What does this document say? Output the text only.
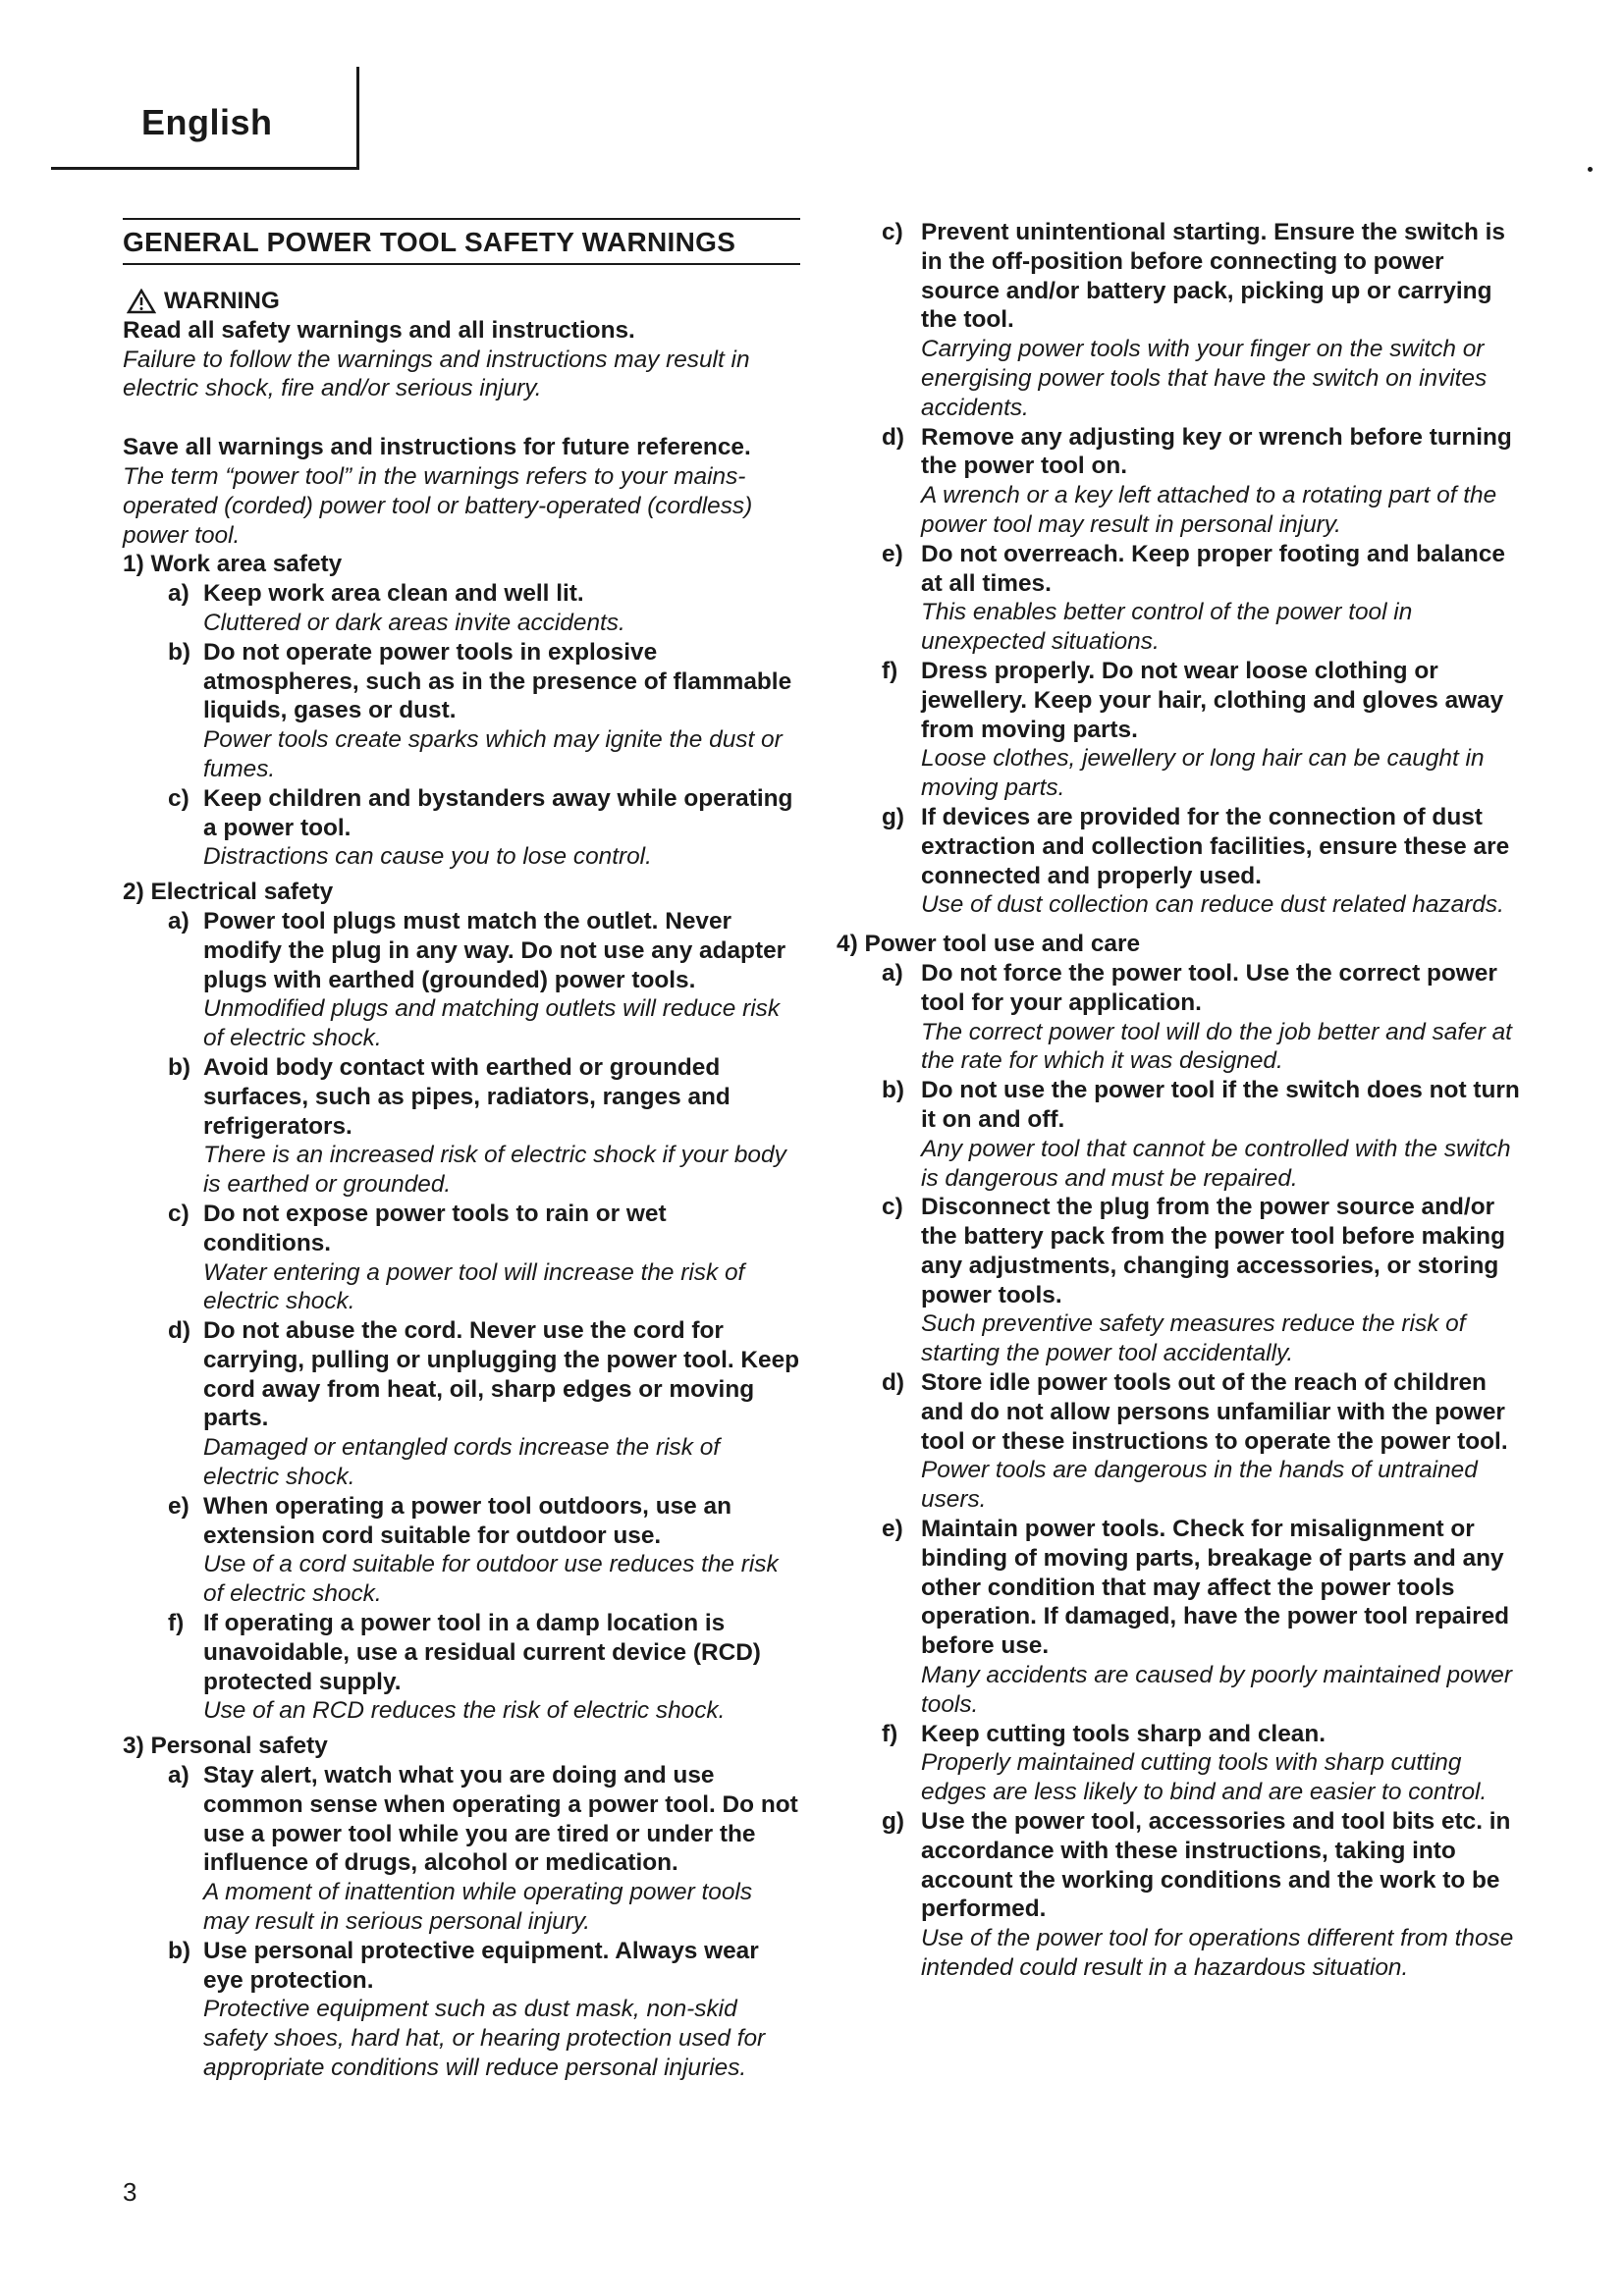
English
GENERAL POWER TOOL SAFETY WARNINGS
WARNING
Read all safety warnings and all instructions.
Failure to follow the warnings and instructions may result in electric shock, fire and/or serious injury.
Save all warnings and instructions for future reference.
The term “power tool” in the warnings refers to your mains-operated (corded) power tool or battery-operated (cordless) power tool.
1) Work area safety
a) Keep work area clean and well lit.
Cluttered or dark areas invite accidents.
b) Do not operate power tools in explosive atmospheres, such as in the presence of flammable liquids, gases or dust.
Power tools create sparks which may ignite the dust or fumes.
c) Keep children and bystanders away while operating a power tool.
Distractions can cause you to lose control.
2) Electrical safety
a) Power tool plugs must match the outlet. Never modify the plug in any way. Do not use any adapter plugs with earthed (grounded) power tools.
Unmodified plugs and matching outlets will reduce risk of electric shock.
b) Avoid body contact with earthed or grounded surfaces, such as pipes, radiators, ranges and refrigerators.
There is an increased risk of electric shock if your body is earthed or grounded.
c) Do not expose power tools to rain or wet conditions.
Water entering a power tool will increase the risk of electric shock.
d) Do not abuse the cord. Never use the cord for carrying, pulling or unplugging the power tool. Keep cord away from heat, oil, sharp edges or moving parts.
Damaged or entangled cords increase the risk of electric shock.
e) When operating a power tool outdoors, use an extension cord suitable for outdoor use.
Use of a cord suitable for outdoor use reduces the risk of electric shock.
f) If operating a power tool in a damp location is unavoidable, use a residual current device (RCD) protected supply.
Use of an RCD reduces the risk of electric shock.
3) Personal safety
a) Stay alert, watch what you are doing and use common sense when operating a power tool. Do not use a power tool while you are tired or under the influence of drugs, alcohol or medication.
A moment of inattention while operating power tools may result in serious personal injury.
b) Use personal protective equipment. Always wear eye protection.
Protective equipment such as dust mask, non-skid safety shoes, hard hat, or hearing protection used for appropriate conditions will reduce personal injuries.
c) Prevent unintentional starting. Ensure the switch is in the off-position before connecting to power source and/or battery pack, picking up or carrying the tool.
Carrying power tools with your finger on the switch or energising power tools that have the switch on invites accidents.
d) Remove any adjusting key or wrench before turning the power tool on.
A wrench or a key left attached to a rotating part of the power tool may result in personal injury.
e) Do not overreach. Keep proper footing and balance at all times.
This enables better control of the power tool in unexpected situations.
f) Dress properly. Do not wear loose clothing or jewellery. Keep your hair, clothing and gloves away from moving parts.
Loose clothes, jewellery or long hair can be caught in moving parts.
g) If devices are provided for the connection of dust extraction and collection facilities, ensure these are connected and properly used.
Use of dust collection can reduce dust related hazards.
4) Power tool use and care
a) Do not force the power tool. Use the correct power tool for your application.
The correct power tool will do the job better and safer at the rate for which it was designed.
b) Do not use the power tool if the switch does not turn it on and off.
Any power tool that cannot be controlled with the switch is dangerous and must be repaired.
c) Disconnect the plug from the power source and/or the battery pack from the power tool before making any adjustments, changing accessories, or storing power tools.
Such preventive safety measures reduce the risk of starting the power tool accidentally.
d) Store idle power tools out of the reach of children and do not allow persons unfamiliar with the power tool or these instructions to operate the power tool.
Power tools are dangerous in the hands of untrained users.
e) Maintain power tools. Check for misalignment or binding of moving parts, breakage of parts and any other condition that may affect the power tools operation. If damaged, have the power tool repaired before use.
Many accidents are caused by poorly maintained power tools.
f) Keep cutting tools sharp and clean.
Properly maintained cutting tools with sharp cutting edges are less likely to bind and are easier to control.
g) Use the power tool, accessories and tool bits etc. in accordance with these instructions, taking into account the working conditions and the work to be performed.
Use of the power tool for operations different from those intended could result in a hazardous situation.
3
